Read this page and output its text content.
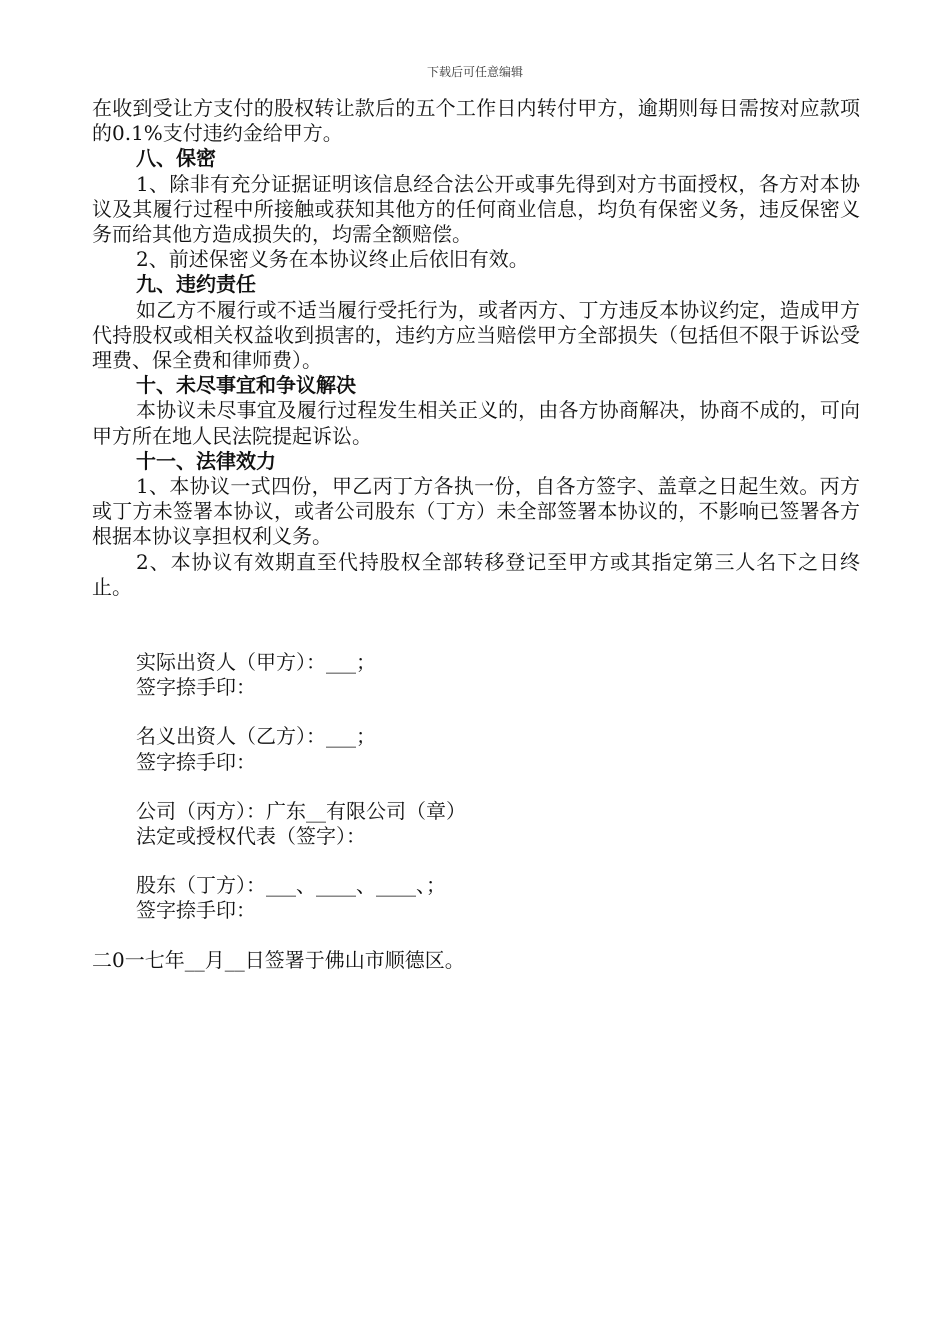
下载后可任意编辑

在收到受让方支付的股权转让款后的五个工作日内转付甲方，逾期则每日需按对应款项的0.1%支付违约金给甲方。

八、保密

1、除非有充分证据证明该信息经合法公开或事先得到对方书面授权，各方对本协议及其履行过程中所接触或获知其他方的任何商业信息，均负有保密义务，违反保密义务而给其他方造成损失的，均需全额赔偿。

2、前述保密义务在本协议终止后依旧有效。

九、违约责任

如乙方不履行或不适当履行受托行为，或者丙方、丁方违反本协议约定，造成甲方代持股权或相关权益收到损害的，违约方应当赔偿甲方全部损失（包括但不限于诉讼受理费、保全费和律师费）。

十、未尽事宜和争议解决

本协议未尽事宜及履行过程发生相关正义的，由各方协商解决，协商不成的，可向甲方所在地人民法院提起诉讼。

十一、法律效力

1、本协议一式四份，甲乙丙丁方各执一份，自各方签字、盖章之日起生效。丙方或丁方未签署本协议，或者公司股东（丁方）未全部签署本协议的，不影响已签署各方根据本协议享担权利义务。

2、本协议有效期直至代持股权全部转移登记至甲方或其指定第三人名下之日终止。

实际出资人（甲方）：___；

签字捺手印：

名义出资人（乙方）：___；

签字捺手印：

公司（丙方）：广东__有限公司（章）

法定或授权代表（签字）：

股东（丁方）：___、____、____、；

签字捺手印：

二0一七年__月__日签署于佛山市顺德区。
